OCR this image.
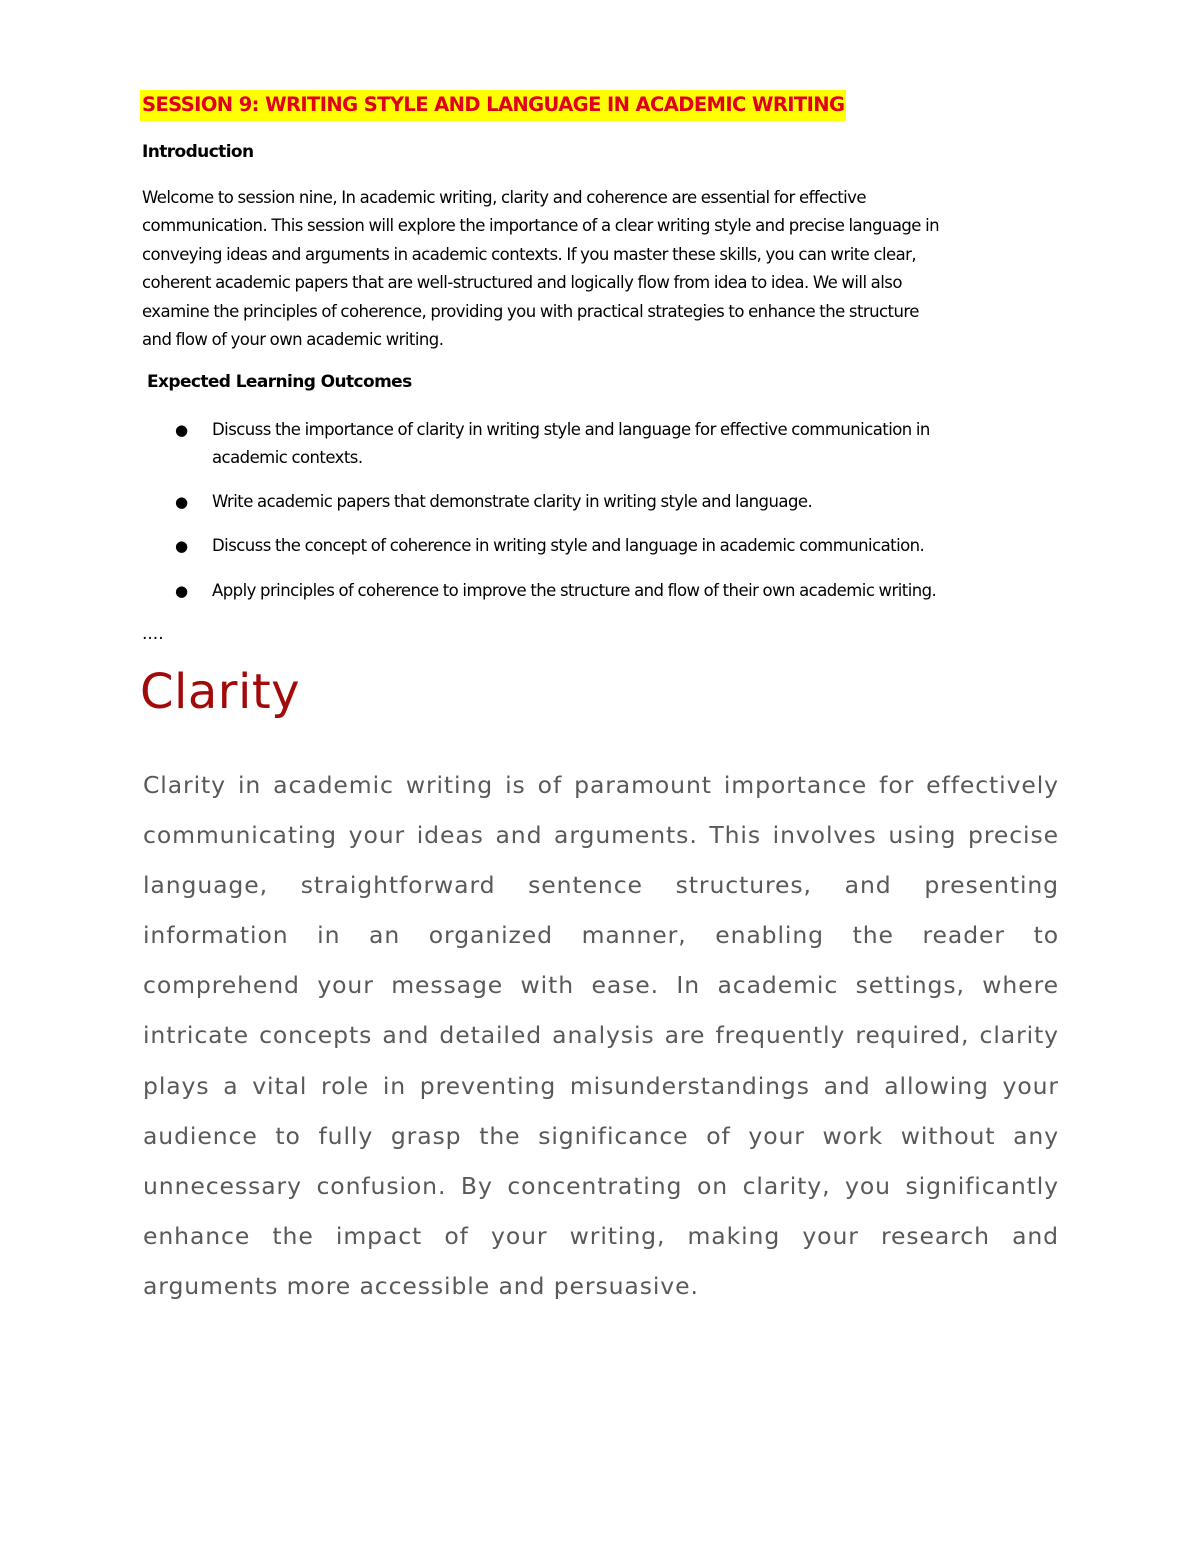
SESSION 9: WRITING STYLE AND LANGUAGE IN ACADEMIC WRITING
Introduction

Welcome to session nine, In academic writing, clarity and coherence are essential for effective

communication. This session will explore the importance of a clear writing style and precise language in

conveying ideas and arguments in academic contexts. If you master these skills, you can write clear,

coherent academic papers that are well-structured and logically flow from idea to idea. We will also

examine the principles of coherence, providing you with practical strategies to enhance the structure

and flow of your own academic writing.

Expected Learning Outcomes
● Discuss the importance of clarity in writing style and language for effective communication in
academic contexts.
● Write academic papers that demonstrate clarity in writing style and language.
● Discuss the concept of coherence in writing style and language in academic communication.
● Apply principles of coherence to improve the structure and flow of their own academic writing.
....
Clarity
Clarity in academic writing is of paramount importance for effectively
communicating your ideas and arguments. This involves using precise
language, straightforward sentence structures, and presenting
information in an organized manner, enabling the reader to
comprehend your message with ease. In academic settings, where
intricate concepts and detailed analysis are frequently required, clarity
plays a vital role in preventing misunderstandings and allowing your
audience to fully grasp the significance of your work without any
unnecessary confusion. By concentrating on clarity, you significantly
enhance the impact of your writing, making your research and
arguments more accessible and persuasive.
